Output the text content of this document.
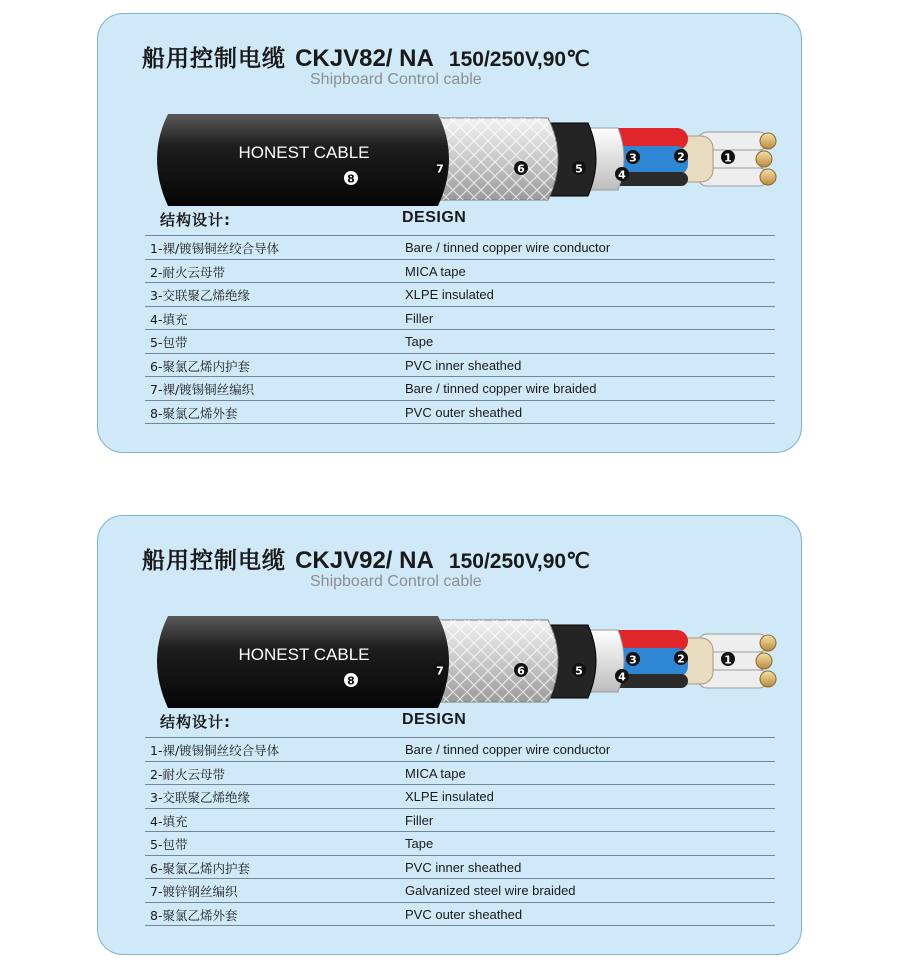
船用控制电缆 CKJV82/ NA 150/250V,90℃
Shipboard Control cable
HONEST CABLE	1
2
3
4
5
6
7
8
结构设计:	DESIGN
1-裸/镀锡铜丝绞合导体	Bare / tinned copper wire conductor
2-耐火云母带	MICA tape
3-交联聚乙烯绝缘	XLPE insulated
4-填充	Filler
5-包带	Tape
6-聚氯乙烯内护套	PVC inner sheathed
7-裸/镀锡铜丝编织	Bare / tinned copper wire braided
8-聚氯乙烯外套	PVC outer sheathed
船用控制电缆 CKJV92/ NA 150/250V,90℃
Shipboard Control cable
HONEST CABLE	1
2
3
4
5
6
7
8
结构设计:	DESIGN
1-裸/镀锡铜丝绞合导体	Bare / tinned copper wire conductor
2-耐火云母带	MICA tape
3-交联聚乙烯绝缘	XLPE insulated
4-填充	Filler
5-包带	Tape
6-聚氯乙烯内护套	PVC inner sheathed
7-镀锌钢丝编织	Galvanized steel wire braided
8-聚氯乙烯外套	PVC outer sheathed
